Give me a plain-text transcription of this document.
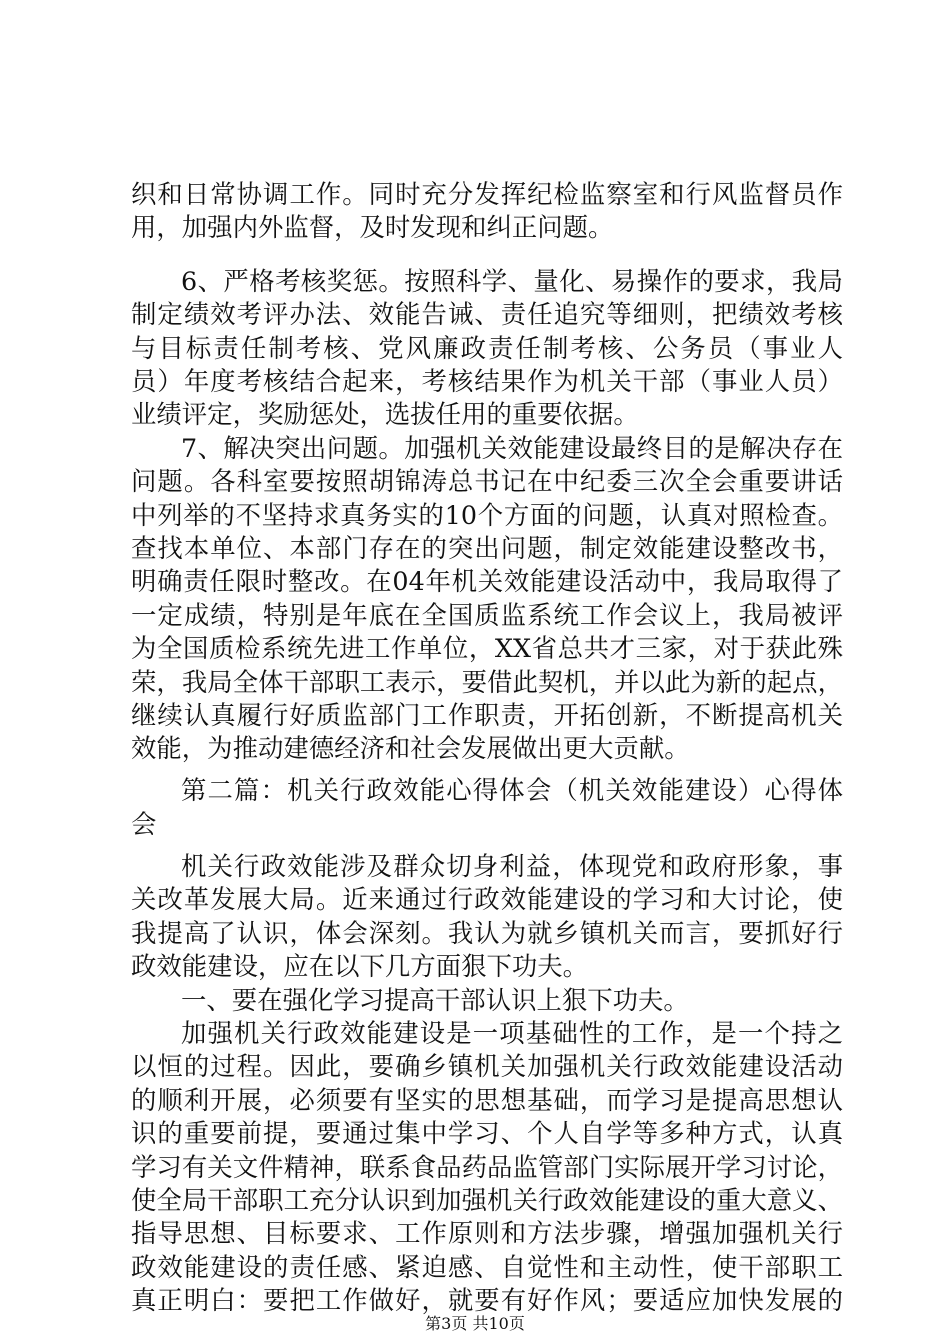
织和日常协调工作。同时充分发挥纪检监察室和行风监督员作
用，加强内外监督，及时发现和纠正问题。
6、严格考核奖惩。按照科学、量化、易操作的要求，我局
制定绩效考评办法、效能告诫、责任追究等细则，把绩效考核
与目标责任制考核、党风廉政责任制考核、公务员（事业人
员）年度考核结合起来，考核结果作为机关干部（事业人员）
业绩评定，奖励惩处，选拔任用的重要依据。
7、解决突出问题。加强机关效能建设最终目的是解决存在
问题。各科室要按照胡锦涛总书记在中纪委三次全会重要讲话
中列举的不坚持求真务实的10个方面的问题，认真对照检查。
查找本单位、本部门存在的突出问题，制定效能建设整改书，
明确责任限时整改。在04年机关效能建设活动中，我局取得了
一定成绩，特别是年底在全国质监系统工作会议上，我局被评
为全国质检系统先进工作单位，XX省总共才三家，对于获此殊
荣，我局全体干部职工表示，要借此契机，并以此为新的起点，
继续认真履行好质监部门工作职责，开拓创新，不断提高机关
效能，为推动建德经济和社会发展做出更大贡献。
第二篇：机关行政效能心得体会（机关效能建设）心得体
会
机关行政效能涉及群众切身利益，体现党和政府形象，事
关改革发展大局。近来通过行政效能建设的学习和大讨论，使
我提高了认识，体会深刻。我认为就乡镇机关而言，要抓好行
政效能建设，应在以下几方面狠下功夫。
一、要在强化学习提高干部认识上狠下功夫。
加强机关行政效能建设是一项基础性的工作，是一个持之
以恒的过程。因此，要确乡镇机关加强机关行政效能建设活动
的顺利开展，必须要有坚实的思想基础，而学习是提高思想认
识的重要前提，要通过集中学习、个人自学等多种方式，认真
学习有关文件精神，联系食品药品监管部门实际展开学习讨论，
使全局干部职工充分认识到加强机关行政效能建设的重大意义、
指导思想、目标要求、工作原则和方法步骤，增强加强机关行
政效能建设的责任感、紧迫感、自觉性和主动性，使干部职工
真正明白：要把工作做好，就要有好作风；要适应加快发展的
第3页 共10页
